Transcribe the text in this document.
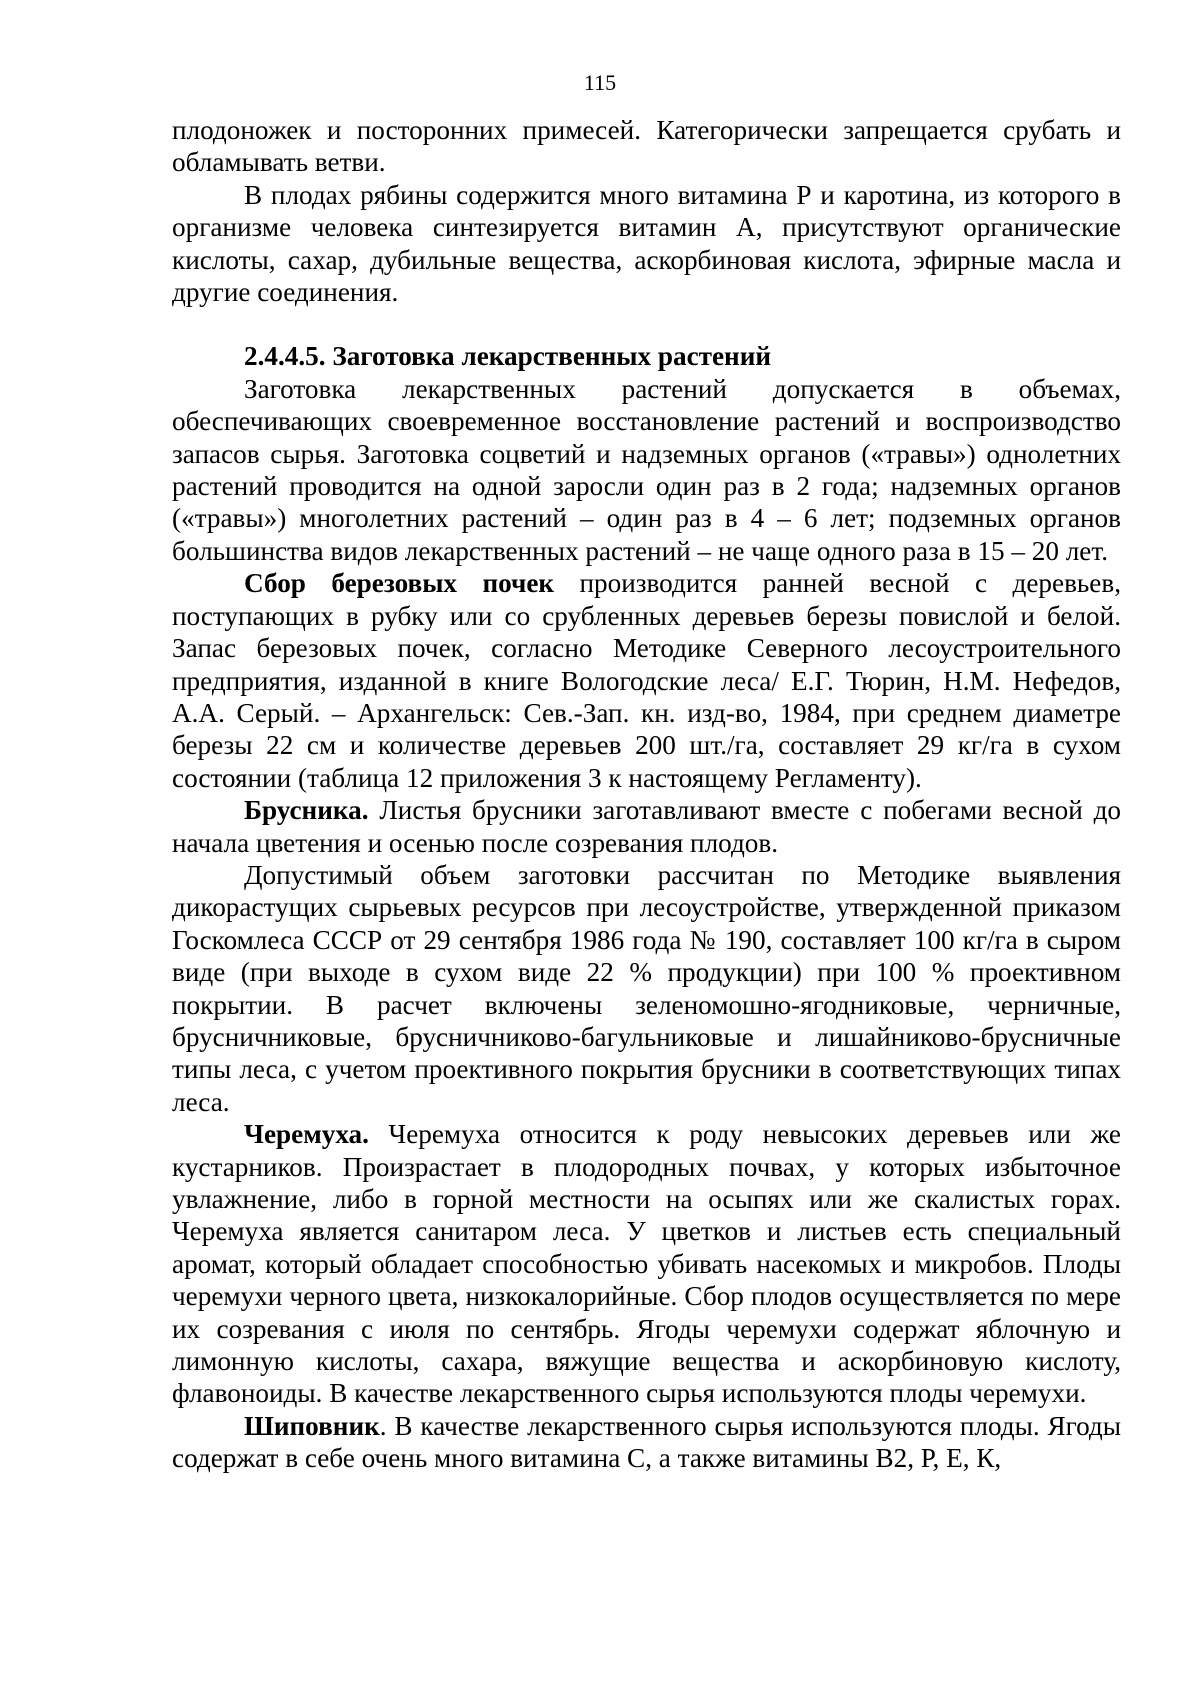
115

плодоножек и посторонних примесей. Категорически запрещается срубать и обламывать ветви.

В плодах рябины содержится много витамина Р и каротина, из которого в организме человека синтезируется витамин А, присутствуют органические кислоты, сахар, дубильные вещества, аскорбиновая кислота, эфирные масла и другие соединения.

2.4.4.5. Заготовка лекарственных растений

Заготовка лекарственных растений допускается в объемах, обеспечивающих своевременное восстановление растений и воспроизводство запасов сырья. Заготовка соцветий и надземных органов («травы») однолетних растений проводится на одной заросли один раз в 2 года; надземных органов («травы») многолетних растений – один раз в 4 – 6 лет; подземных органов большинства видов лекарственных растений – не чаще одного раза в 15 – 20 лет.

Сбор березовых почек производится ранней весной с деревьев, поступающих в рубку или со срубленных деревьев березы повислой и белой. Запас березовых почек, согласно Методике Северного лесоустроительного предприятия, изданной в книге Вологодские леса/ Е.Г. Тюрин, Н.М. Нефедов, А.А. Серый. – Архангельск: Сев.-Зап. кн. изд-во, 1984, при среднем диаметре березы 22 см и количестве деревьев 200 шт./га, составляет 29 кг/га в сухом состоянии (таблица 12 приложения 3 к настоящему Регламенту).

Брусника. Листья брусники заготавливают вместе с побегами весной до начала цветения и осенью после созревания плодов.

Допустимый объем заготовки рассчитан по Методике выявления дикорастущих сырьевых ресурсов при лесоустройстве, утвержденной приказом Госкомлеса СССР от 29 сентября 1986 года № 190, составляет 100 кг/га в сыром виде (при выходе в сухом виде 22 % продукции) при 100 % проективном покрытии. В расчет включены зеленомошно-ягодниковые, черничные, брусничниковые, брусничниково-багульниковые и лишайниково-брусничные типы леса, с учетом проективного покрытия брусники в соответствующих типах леса.

Черемуха. Черемуха относится к роду невысоких деревьев или же кустарников. Произрастает в плодородных почвах, у которых избыточное увлажнение, либо в горной местности на осыпях или же скалистых горах. Черемуха является санитаром леса. У цветков и листьев есть специальный аромат, который обладает способностью убивать насекомых и микробов. Плоды черемухи черного цвета, низкокалорийные. Сбор плодов осуществляется по мере их созревания с июля по сентябрь. Ягоды черемухи содержат яблочную и лимонную кислоты, сахара, вяжущие вещества и аскорбиновую кислоту, флавоноиды. В качестве лекарственного сырья используются плоды черемухи.

Шиповник. В качестве лекарственного сырья используются плоды. Ягоды содержат в себе очень много витамина С, а также витамины В2, Р, Е, К,
